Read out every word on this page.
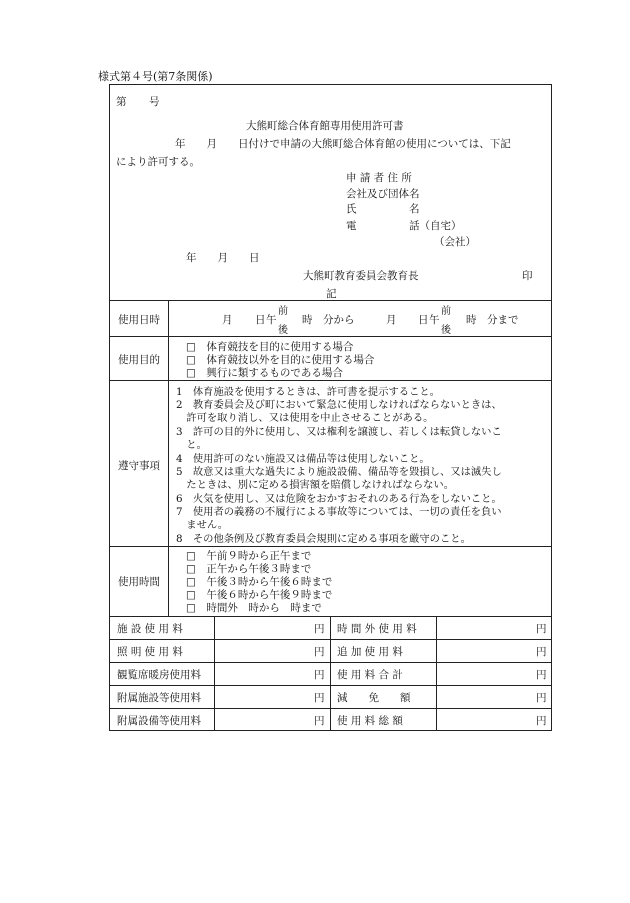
様式第４号(第7条関係)
第 号
大熊町総合体育館専用使用許可書
年　　月　　日付けで申請の大熊町総合体育館の使用については、下記
により許可する。
申 請 者 住 所
会社及び団体名
氏　　　　　名
電　　　　　話（自宅）
（会社）
年　　月　　日
大熊町教育委員会教育長	印
記
使用日時	月 日
前
午
後
時　分から	月 日
前
午
後
時　分まで
使用目的
□　体育競技を目的に使用する場合
□　体育競技以外を目的に使用する場合
□　興行に類するものである場合
遵守事項
1　体育施設を使用するときは、許可書を提示すること。
2　教育委員会及び町において緊急に使用しなければならないときは、
　許可を取り消し、又は使用を中止させることがある。
3　許可の目的外に使用し、又は権利を譲渡し、若しくは転貸しないこ
　と。
4　使用許可のない施設又は備品等は使用しないこと。
5　故意又は重大な過失により施設設備、備品等を毀損し、又は滅失し
　たときは、別に定める損害額を賠償しなければならない。
6　火気を使用し、又は危険をおかすおそれのある行為をしないこと。
7　使用者の義務の不履行による事故等については、一切の責任を負い
　ません。
8　その他条例及び教育委員会規則に定める事項を厳守のこと。
使用時間
□　午前９時から正午まで
□　正午から午後３時まで
□　午後３時から午後６時まで
□　午後６時から午後９時まで
□　時間外　時から　時まで
施 設 使 用 料	円 時 間 外 使 用 料	円
照 明 使 用 料	円 追 加 使 用 料	円
観覧席暖房使用料	円 使 用 料 合 計	円
附属施設等使用料	円 減　　免　　額	円
附属設備等使用料	円 使 用 料 総 額	円
